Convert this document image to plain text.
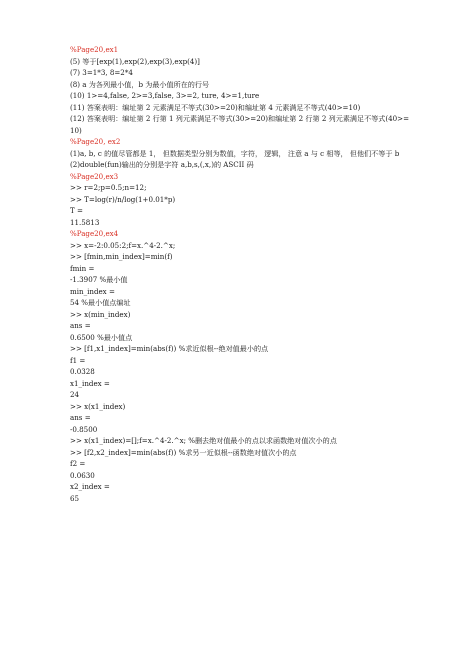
%Page20,ex1
(5) 等于[exp(1),exp(2),exp(3),exp(4)]
(7) 3=1*3, 8=2*4
(8) a 为各列最小值，b 为最小值所在的行号
(10) 1>=4,false, 2>=3,false, 3>=2, ture, 4>=1,ture
(11) 答案表明：编址第 2 元素满足不等式(30>=20)和编址第 4 元素满足不等式(40>=10)
(12) 答案表明：编址第 2 行第 1 列元素满足不等式(30>=20)和编址第 2 行第 2 列元素满足不等式(40>=10)
%Page20, ex2
(1)a, b, c 的值尽管都是 1， 但数据类型分别为数值，字符， 逻辑， 注意 a 与 c 相等， 但他们不等于 b
(2)double(fun)输出的分别是字符 a,b,s,(,x,)的 ASCII 码
%Page20,ex3
>> r=2;p=0.5;n=12;
>> T=log(r)/n/log(1+0.01*p)
T =
11.5813
%Page20,ex4
>> x=-2:0.05:2;f=x.^4-2.^x;
>> [fmin,min_index]=min(f)
fmin =
-1.3907 %最小值
min_index =
54 %最小值点编址
>> x(min_index)
ans =
0.6500 %最小值点
>> [f1,x1_index]=min(abs(f)) %求近似根--绝对值最小的点
f1 =
0.0328
x1_index =
24
>> x(x1_index)
ans =
-0.8500
>> x(x1_index)=[];f=x.^4-2.^x; %删去绝对值最小的点以求函数绝对值次小的点
>> [f2,x2_index]=min(abs(f)) %求另一近似根--函数绝对值次小的点
f2 =
0.0630
x2_index =
65
